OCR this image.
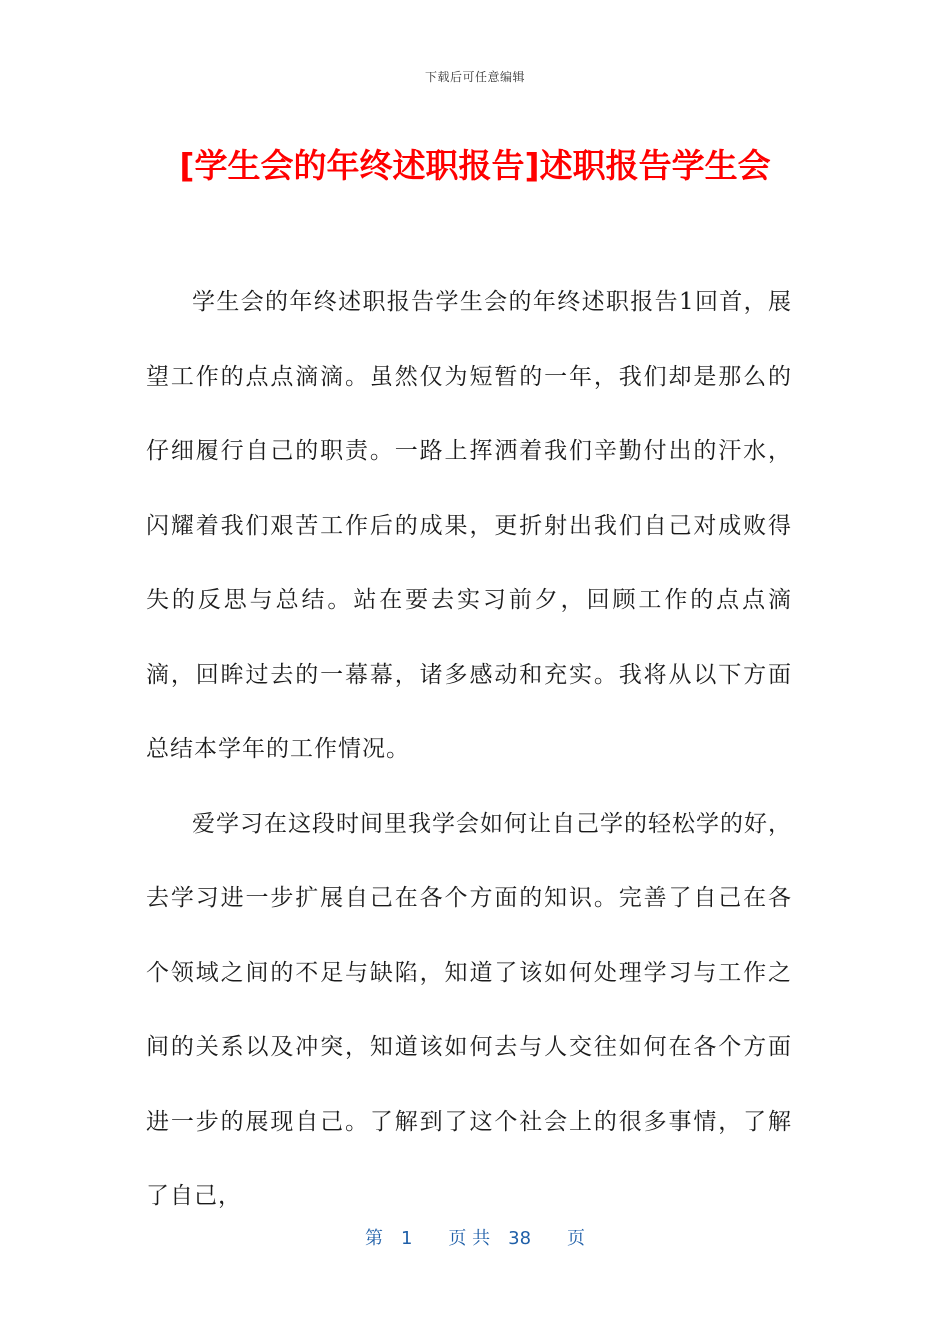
下载后可任意编辑
[学生会的年终述职报告]述职报告学生会

学生会的年终述职报告学生会的年终述职报告1回首，展望工作的点点滴滴。虽然仅为短暂的一年，我们却是那么的仔细履行自己的职责。一路上挥洒着我们辛勤付出的汗水，闪耀着我们艰苦工作后的成果，更折射出我们自己对成败得失的反思与总结。站在要去实习前夕，回顾工作的点点滴滴，回眸过去的一幕幕，诸多感动和充实。我将从以下方面总结本学年的工作情况。

爱学习在这段时间里我学会如何让自己学的轻松学的好，去学习进一步扩展自己在各个方面的知识。完善了自己在各个领域之间的不足与缺陷，知道了该如何处理学习与工作之间的关系以及冲突，知道该如何去与人交往如何在各个方面进一步的展现自己。了解到了这个社会上的很多事情，了解了自己，

第　1　　页 共　38　　页
